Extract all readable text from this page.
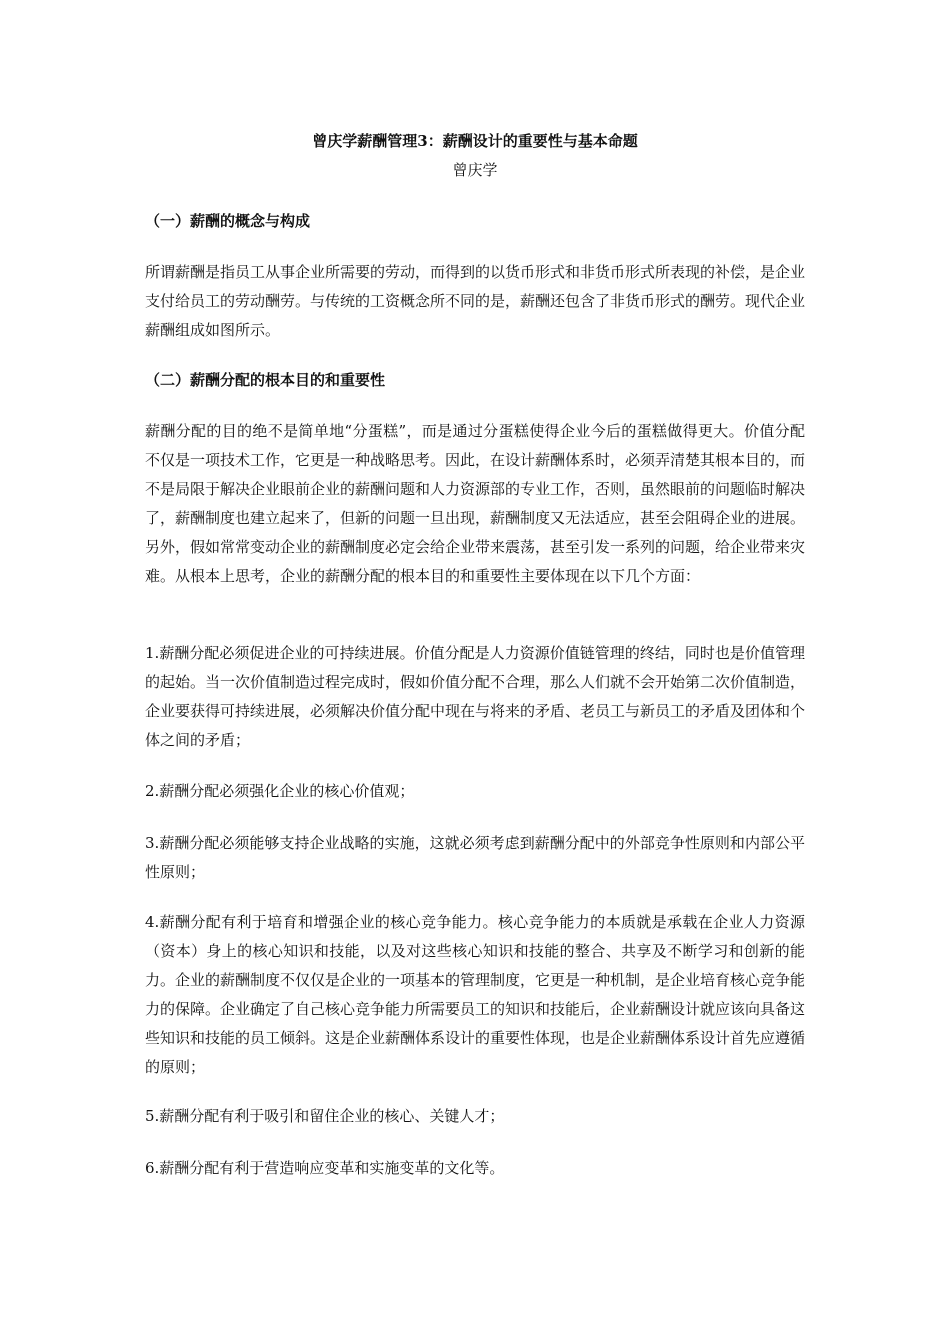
曾庆学薪酬管理3：薪酬设计的重要性与基本命题
曾庆学
（一）薪酬的概念与构成
所谓薪酬是指员工从事企业所需要的劳动，而得到的以货币形式和非货币形式所表现的补偿，是企业支付给员工的劳动酬劳。与传统的工资概念所不同的是，薪酬还包含了非货币形式的酬劳。现代企业薪酬组成如图所示。
（二）薪酬分配的根本目的和重要性
薪酬分配的目的绝不是简单地“分蛋糕”，而是通过分蛋糕使得企业今后的蛋糕做得更大。价值分配不仅是一项技术工作，它更是一种战略思考。因此，在设计薪酬体系时，必须弄清楚其根本目的，而不是局限于解决企业眼前企业的薪酬问题和人力资源部的专业工作，否则，虽然眼前的问题临时解决了，薪酬制度也建立起来了，但新的问题一旦出现，薪酬制度又无法适应，甚至会阻碍企业的进展。另外，假如常常变动企业的薪酬制度必定会给企业带来震荡，甚至引发一系列的问题，给企业带来灾难。从根本上思考，企业的薪酬分配的根本目的和重要性主要体现在以下几个方面：
1.薪酬分配必须促进企业的可持续进展。价值分配是人力资源价值链管理的终结，同时也是价值管理的起始。当一次价值制造过程完成时，假如价值分配不合理，那么人们就不会开始第二次价值制造，企业要获得可持续进展，必须解决价值分配中现在与将来的矛盾、老员工与新员工的矛盾及团体和个体之间的矛盾；
2.薪酬分配必须强化企业的核心价值观；
3.薪酬分配必须能够支持企业战略的实施，这就必须考虑到薪酬分配中的外部竞争性原则和内部公平性原则；
4.薪酬分配有利于培育和增强企业的核心竞争能力。核心竞争能力的本质就是承载在企业人力资源（资本）身上的核心知识和技能，以及对这些核心知识和技能的整合、共享及不断学习和创新的能力。企业的薪酬制度不仅仅是企业的一项基本的管理制度，它更是一种机制，是企业培育核心竞争能力的保障。企业确定了自己核心竞争能力所需要员工的知识和技能后，企业薪酬设计就应该向具备这些知识和技能的员工倾斜。这是企业薪酬体系设计的重要性体现，也是企业薪酬体系设计首先应遵循的原则；
5.薪酬分配有利于吸引和留住企业的核心、关键人才；
6.薪酬分配有利于营造响应变革和实施变革的文化等。
